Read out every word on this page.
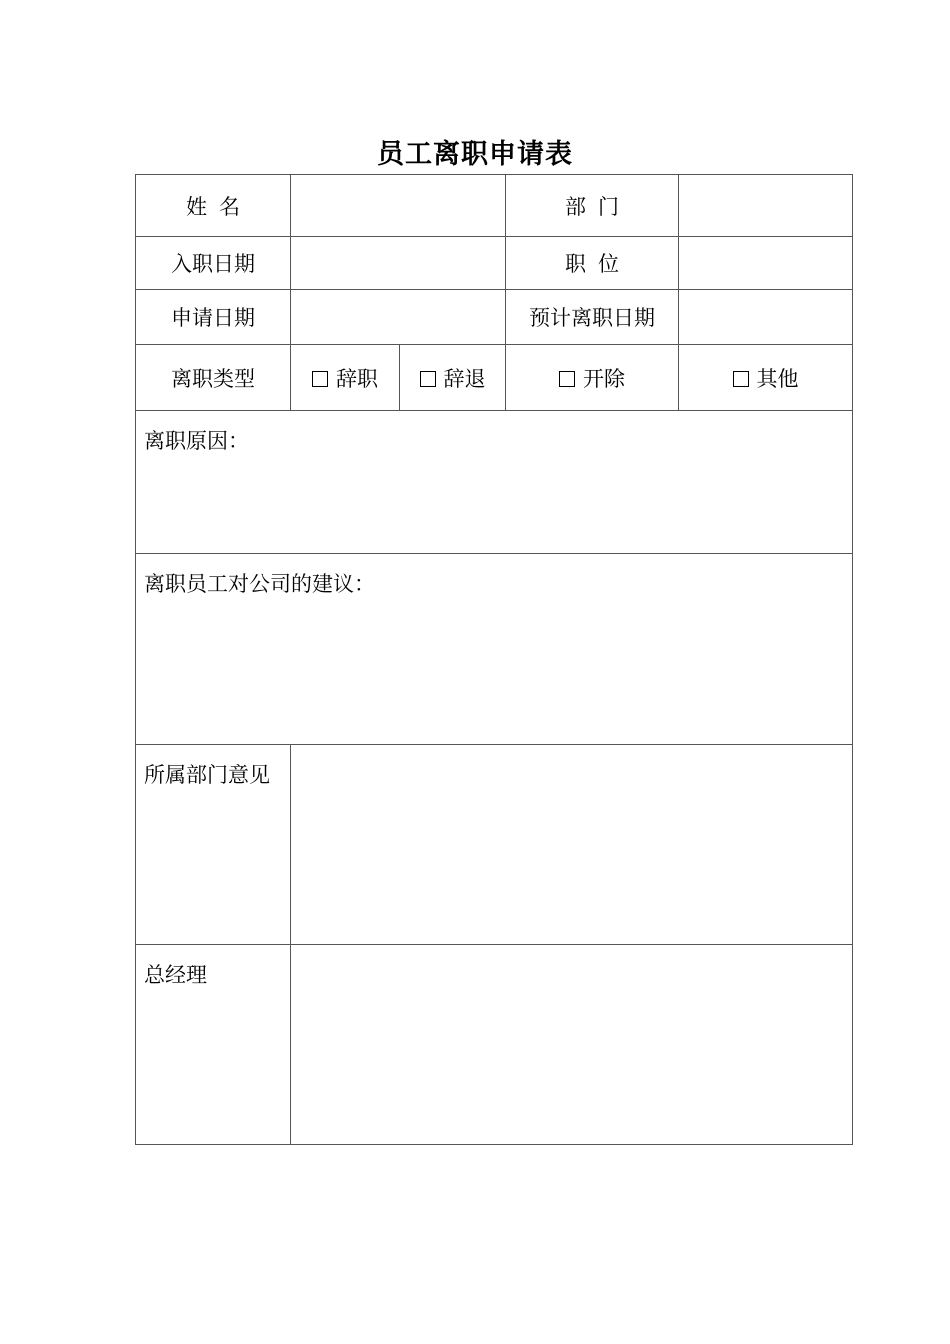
员工离职申请表
姓名			部门	
入职日期			职位	
申请日期			预计离职日期	
离职类型	辞职	辞退	开除	其他
离职原因：				
离职员工对公司的建议：				
所属部门意见				
总经理				
